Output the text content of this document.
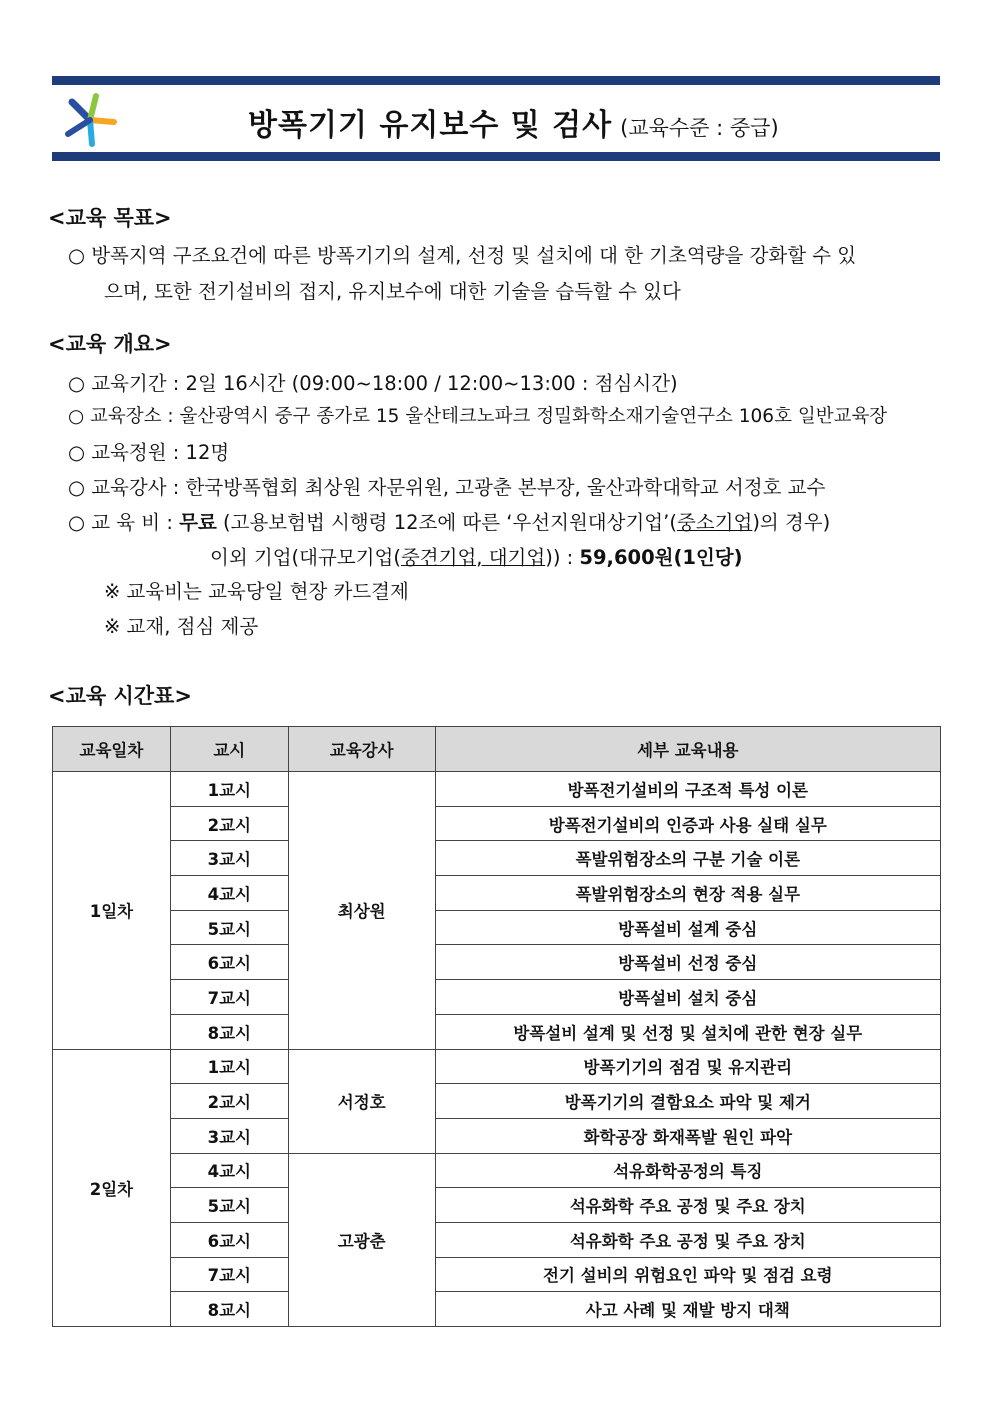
방폭기기 유지보수 및 검사 (교육수준 : 중급)
<교육 목표>
○ 방폭지역 구조요건에 따른 방폭기기의 설계, 선정 및 설치에 대 한 기초역량을 강화할 수 있
으며, 또한 전기설비의 접지, 유지보수에 대한 기술을 습득할 수 있다
<교육 개요>
○ 교육기간 : 2일 16시간 (09:00~18:00 / 12:00~13:00 : 점심시간)
○ 교육장소 : 울산광역시 중구 종가로 15 울산테크노파크 정밀화학소재기술연구소 106호 일반교육장
○ 교육정원 : 12명
○ 교육강사 : 한국방폭협회 최상원 자문위원, 고광춘 본부장, 울산과학대학교 서정호 교수
○ 교 육 비 : 무료 (고용보험법 시행령 12조에 따른 ‘우선지원대상기업’(중소기업)의 경우)
이외 기업(대규모기업(중견기업, 대기업)) : 59,600원(1인당)
※ 교육비는 교육당일 현장 카드결제
※ 교재, 점심 제공
<교육 시간표>
교육일차	교시	교육강사	세부 교육내용
1일차	1교시	최상원	방폭전기설비의 구조적 특성 이론
	2교시		방폭전기설비의 인증과 사용 실태 실무
	3교시		폭발위험장소의 구분 기술 이론
	4교시		폭발위험장소의 현장 적용 실무
	5교시		방폭설비 설계 중심
	6교시		방폭설비 선정 중심
	7교시		방폭설비 설치 중심
	8교시		방폭설비 설계 및 선정 및 설치에 관한 현장 실무
2일차	1교시	서정호	방폭기기의 점검 및 유지관리
	2교시		방폭기기의 결함요소 파악 및 제거
	3교시		화학공장 화재폭발 원인 파악
	4교시	고광춘	석유화학공정의 특징
	5교시		석유화학 주요 공정 및 주요 장치
	6교시		석유화학 주요 공정 및 주요 장치
	7교시		전기 설비의 위험요인 파악 및 점검 요령
	8교시		사고 사례 및 재발 방지 대책
